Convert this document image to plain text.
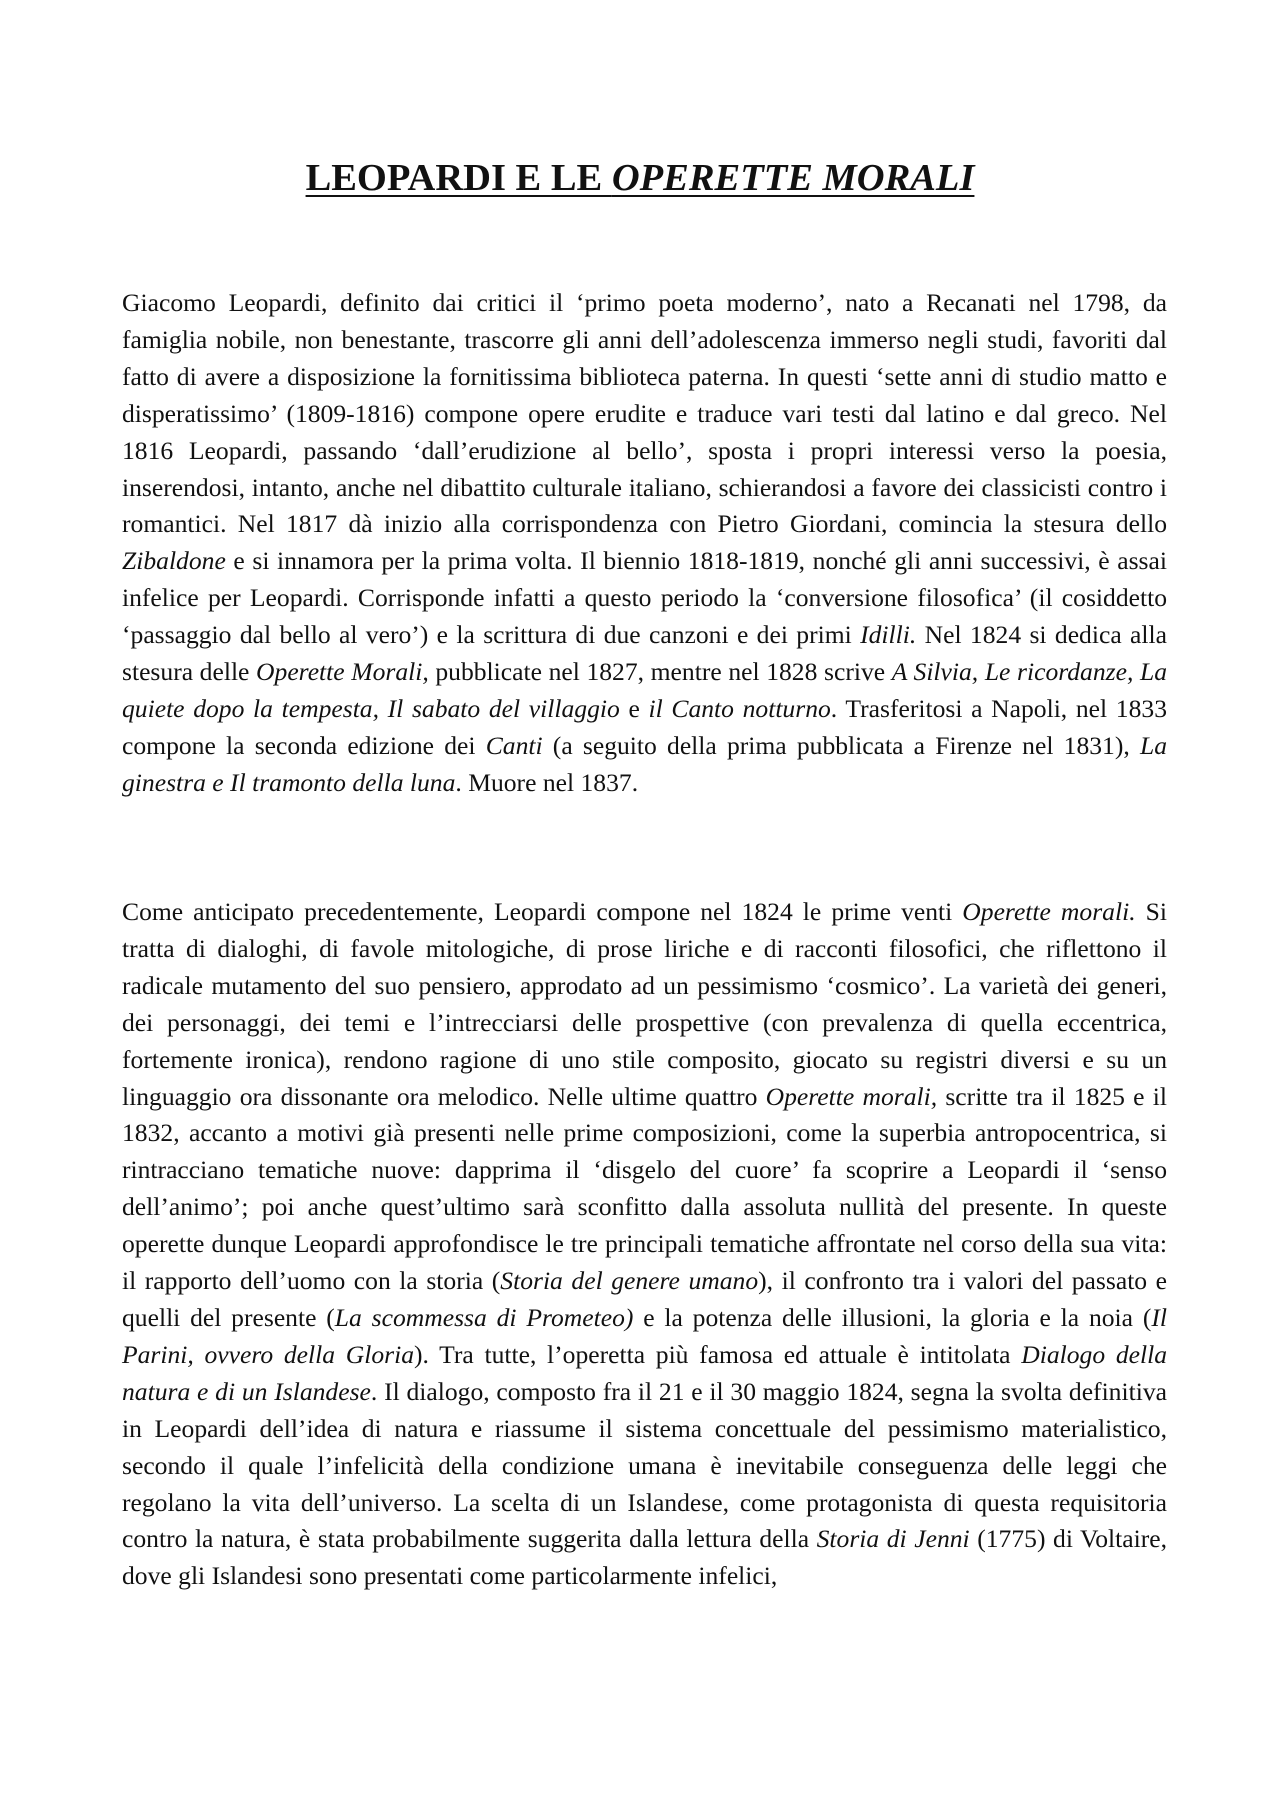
LEOPARDI E LE OPERETTE MORALI

Giacomo Leopardi, definito dai critici il ‘primo poeta moderno’, nato a Recanati nel 1798, da famiglia nobile, non benestante, trascorre gli anni dell’adolescenza immerso negli studi, favoriti dal fatto di avere a disposizione la fornitissima biblioteca paterna. In questi ‘sette anni di studio matto e disperatissimo’ (1809-1816) compone opere erudite e traduce vari testi dal latino e dal greco. Nel 1816 Leopardi, passando ‘dall’erudizione al bello’, sposta i propri interessi verso la poesia, inserendosi, intanto, anche nel dibattito culturale italiano, schierandosi a favore dei classicisti contro i romantici. Nel 1817 dà inizio alla corrispondenza con Pietro Giordani, comincia la stesura dello Zibaldone e si innamora per la prima volta. Il biennio 1818-1819, nonché gli anni successivi, è assai infelice per Leopardi. Corrisponde infatti a questo periodo la ‘conversione filosofica’ (il cosiddetto ‘passaggio dal bello al vero’) e la scrittura di due canzoni e dei primi Idilli. Nel 1824 si dedica alla stesura delle Operette Morali, pubblicate nel 1827, mentre nel 1828 scrive A Silvia, Le ricordanze, La quiete dopo la tempesta, Il sabato del villaggio e il Canto notturno. Trasferitosi a Napoli, nel 1833 compone la seconda edizione dei Canti (a seguito della prima pubblicata a Firenze nel 1831), La ginestra e Il tramonto della luna. Muore nel 1837.

Come anticipato precedentemente, Leopardi compone nel 1824 le prime venti Operette morali. Si tratta di dialoghi, di favole mitologiche, di prose liriche e di racconti filosofici, che riflettono il radicale mutamento del suo pensiero, approdato ad un pessimismo ‘cosmico’. La varietà dei generi, dei personaggi, dei temi e l’intrecciarsi delle prospettive (con prevalenza di quella eccentrica, fortemente ironica), rendono ragione di uno stile composito, giocato su registri diversi e su un linguaggio ora dissonante ora melodico. Nelle ultime quattro Operette morali, scritte tra il 1825 e il 1832, accanto a motivi già presenti nelle prime composizioni, come la superbia antropocentrica, si rintracciano tematiche nuove: dapprima il ‘disgelo del cuore’ fa scoprire a Leopardi il ‘senso dell’animo’; poi anche quest’ultimo sarà sconfitto dalla assoluta nullità del presente. In queste operette dunque Leopardi approfondisce le tre principali tematiche affrontate nel corso della sua vita: il rapporto dell’uomo con la storia (Storia del genere umano), il confronto tra i valori del passato e quelli del presente (La scommessa di Prometeo) e la potenza delle illusioni, la gloria e la noia (Il Parini, ovvero della Gloria). Tra tutte, l’operetta più famosa ed attuale è intitolata Dialogo della natura e di un Islandese. Il dialogo, composto fra il 21 e il 30 maggio 1824, segna la svolta definitiva in Leopardi dell’idea di natura e riassume il sistema concettuale del pessimismo materialistico, secondo il quale l’infelicità della condizione umana è inevitabile conseguenza delle leggi che regolano la vita dell’universo. La scelta di un Islandese, come protagonista di questa requisitoria contro la natura, è stata probabilmente suggerita dalla lettura della Storia di Jenni (1775) di Voltaire, dove gli Islandesi sono presentati come particolarmente infelici,
